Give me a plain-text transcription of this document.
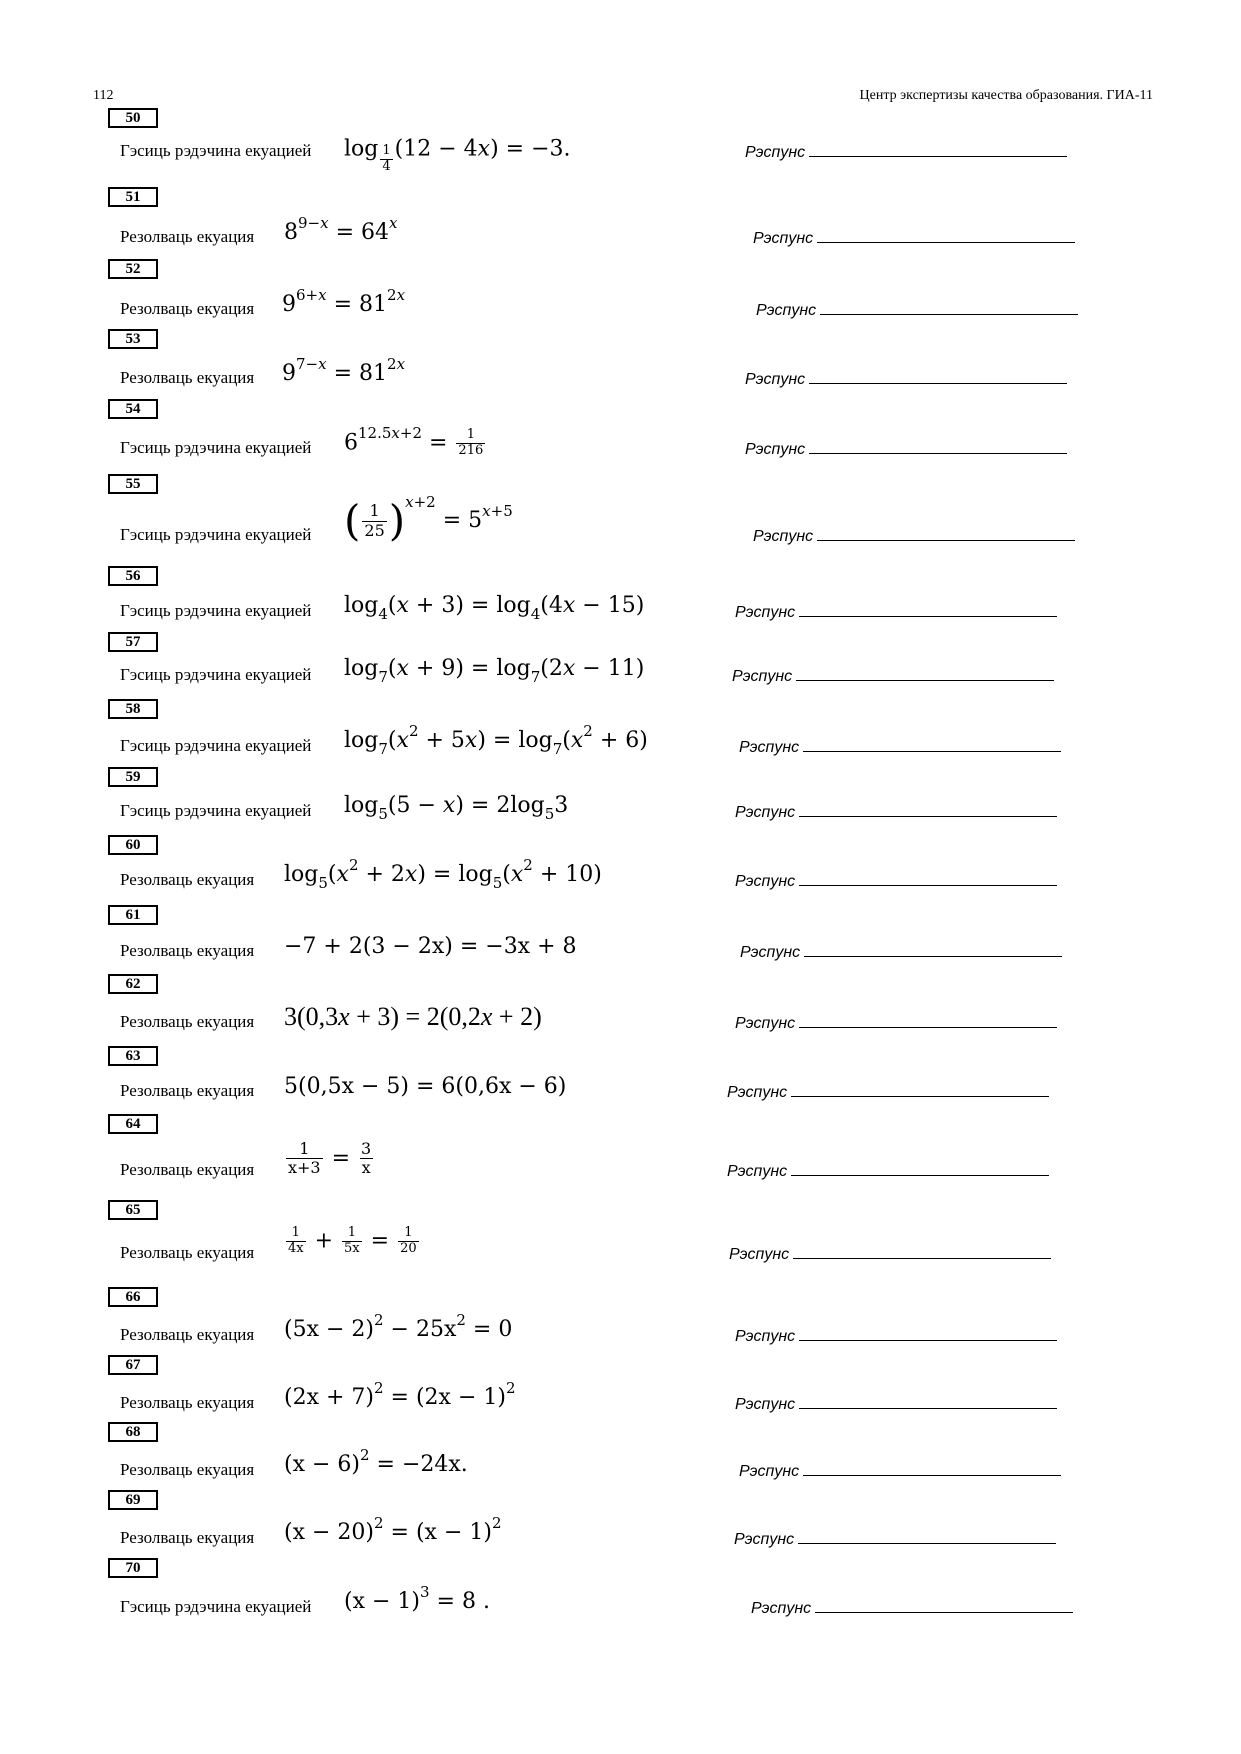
112	Центр экспертизы качества образования. ГИА-11
50
Гэсиць рэдэчина екуацией $\log \frac{1}{4} (12 - 4x) = -3$.	Рэспунс
51
Резолваць екуация $8^{9-x} = 64^x$
Рэспунс
52
Резолваць екуация $9^{6+x} = 81^{2x}$
Рэспунс
53
Резолваць екуация $9^{7-x} = 81^{2x}$
Рэспунс
54
Гэсиць рэдэчина екуацией $6^{12.5x+2} = \frac{1}{216}$	Рэспунс
55
Гэсиць рэдэчина екуацией ( $\frac{1}{25} )^{x+2} = 5^{x+5}$
Рэспунс
56
Гэсиць рэдэчина екуацией $\log_4(x + 3) = \log_4(4x - 15)$	Рэспунс
57
Гэсиць рэдэчина екуацией $\log_7(x + 9) = \log_7(2x - 11)$	Рэспунс
58
Гэсиць рэдэчина екуацией $\log_7(x^2 + 5x) = \log_7(x^2 + 6)$	Рэспунс
59
Гэсиць рэдэчина екуацией $\log_5(5 - x) = 2\log_53$	Рэспунс
60
Резолваць екуация $\log_5(x^2 + 2x) = \log_5(x^2 + 10)$	Рэспунс
61
Резолваць екуация −7 + 2(3 − 2x) = −3x + 8	Рэспунс
62
Резолваць екуация 3(0,3x + 3) = 2(0,2x + 2)	Рэспунс
63
Резолваць екуация 5(0,5x − 5) = 6(0,6x − 6)	Рэспунс
64
Резолваць екуация $\frac{1}{x+3} = \frac{3}{x}$	Рэспунс
65
Резолваць екуация $\frac{1}{4x} + \frac{1}{5x} = \frac{1}{20}$	Рэспунс
66
Резолваць екуация $(5x - 2)^2 - 25x^2 = 0$	Рэспунс
67
Резолваць екуация $(2x + 7)^2 = (2x - 1)^2$
Рэспунс
68
Резолваць екуация $(x - 6)^2 = -24x$.	Рэспунс
69
Резолваць екуация $(x - 20)^2 = (x - 1)^2$
Рэспунс
70
Гэсиць рэдэчина екуацией $(x - 1)^3 = 8$ .	Рэспунс
